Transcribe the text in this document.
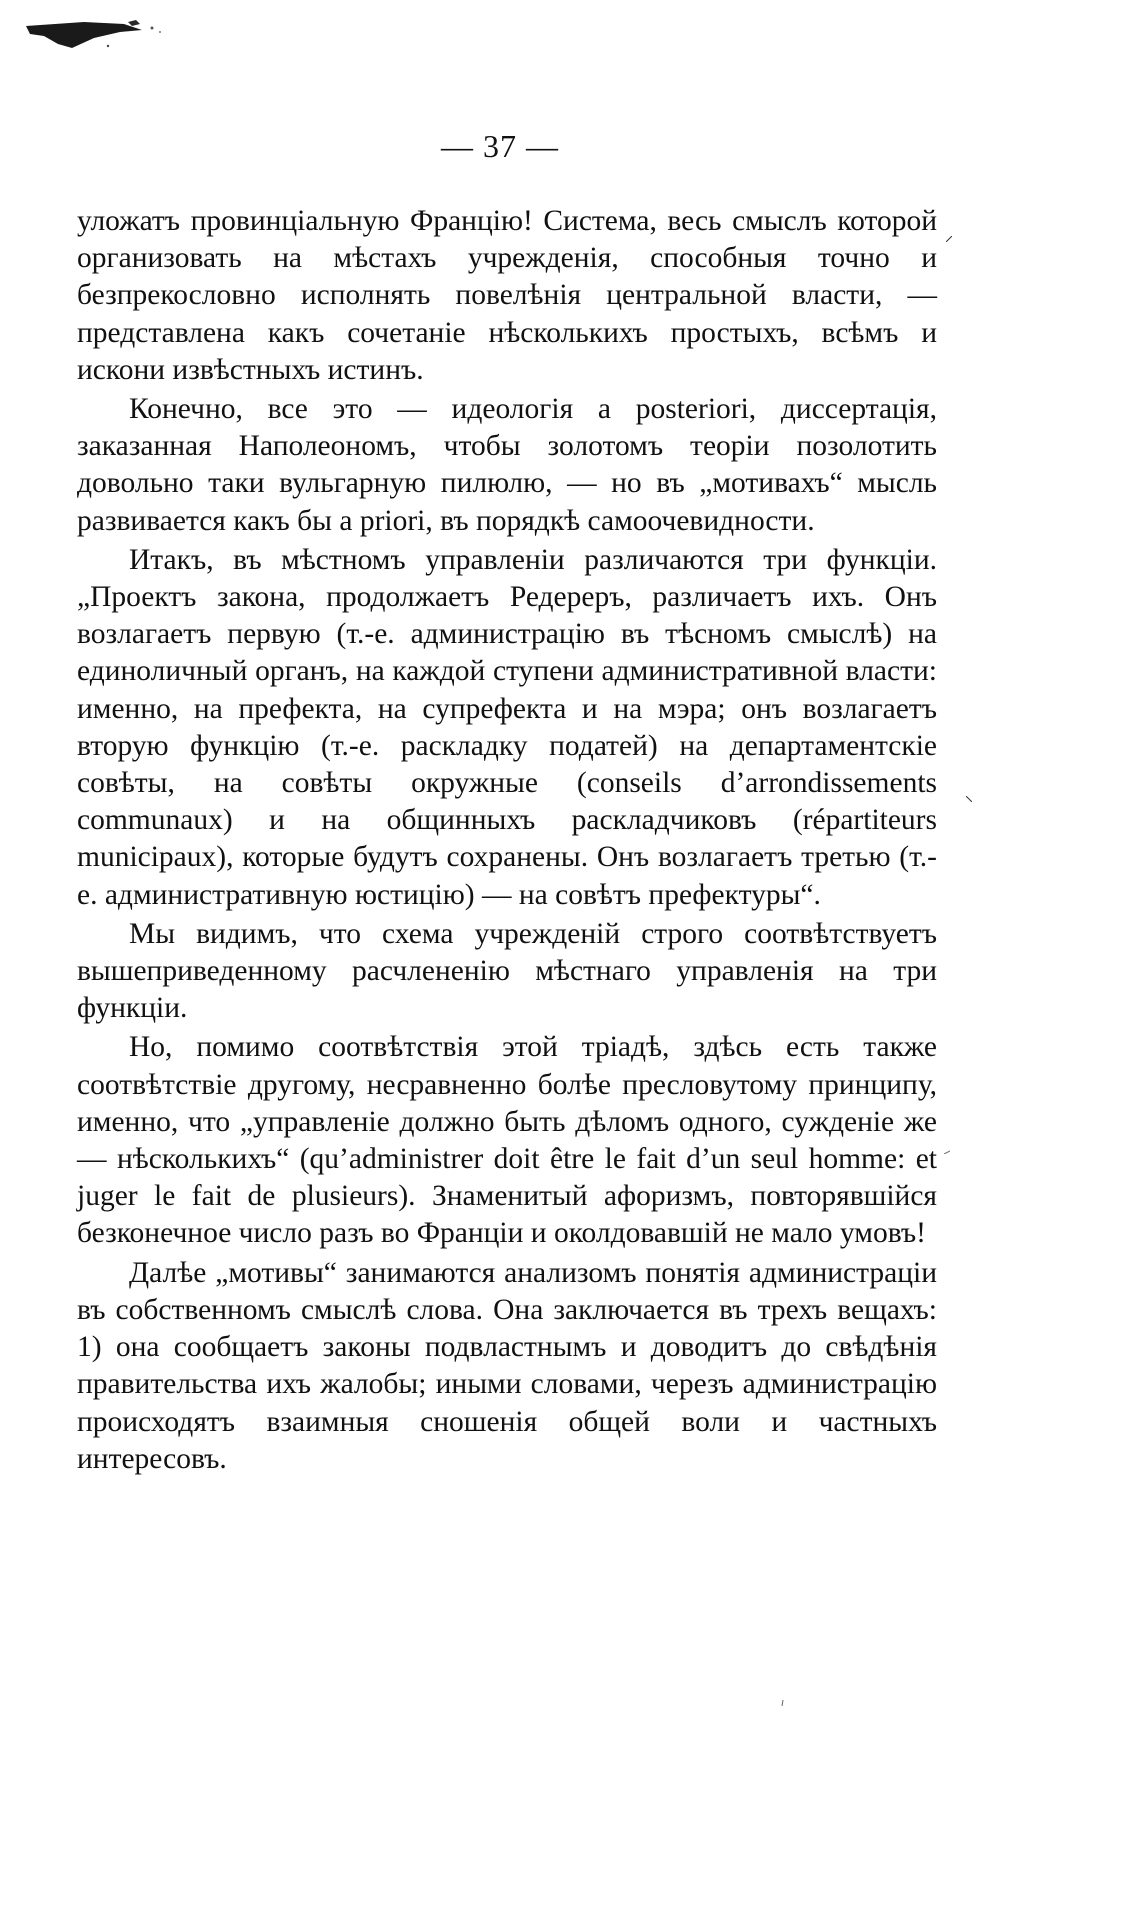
— 37 —

уложатъ провинціальную Францію! Система, весь смыслъ которой организовать на мѣстахъ учрежденія, способныя точно и безпрекословно исполнять повелѣнія центральной власти, — представлена какъ сочетаніе нѣсколькихъ простыхъ, всѣмъ и искони извѣстныхъ истинъ.

Конечно, все это — идеологія a posteriori, диссертація, заказанная Наполеономъ, чтобы золотомъ теоріи позолотить довольно таки вульгарную пилюлю, — но въ „мотивахъ“ мысль развивается какъ бы a priori, въ порядкѣ самоочевидности.

Итакъ, въ мѣстномъ управленіи различаются три функціи. „Проектъ закона, продолжаетъ Редереръ, различаетъ ихъ. Онъ возлагаетъ первую (т.-е. администрацію въ тѣсномъ смыслѣ) на единоличный органъ, на каждой ступени административной власти: именно, на префекта, на супрефекта и на мэра; онъ возлагаетъ вторую функцію (т.-е. раскладку податей) на департаментскіе совѣты, на совѣты окружные (conseils d’arrondissements communaux) и на общинныхъ раскладчиковъ (répartiteurs municipaux), которые будутъ сохранены. Онъ возлагаетъ третью (т.-е. административную юстицію) — на совѣтъ префектуры“.

Мы видимъ, что схема учрежденій строго соотвѣтствуетъ вышеприведенному расчлененію мѣстнаго управленія на три функціи.

Но, помимо соотвѣтствія этой тріадѣ, здѣсь есть также соотвѣтствіе другому, несравненно болѣе пресловутому принципу, именно, что „управленіе должно быть дѣломъ одного, сужденіе же — нѣсколькихъ“ (qu’administrer doit être le fait d’un seul homme: et juger le fait de plusieurs). Знаменитый афоризмъ, повторявшійся безконечное число разъ во Франціи и околдовавшій не мало умовъ!

Далѣе „мотивы“ занимаются анализомъ понятія администраціи въ собственномъ смыслѣ слова. Она заключается въ трехъ вещахъ: 1) она сообщаетъ законы подвластнымъ и доводитъ до свѣдѣнія правительства ихъ жалобы; иными словами, черезъ администрацію происходятъ взаимныя сношенія общей воли и частныхъ интересовъ.
